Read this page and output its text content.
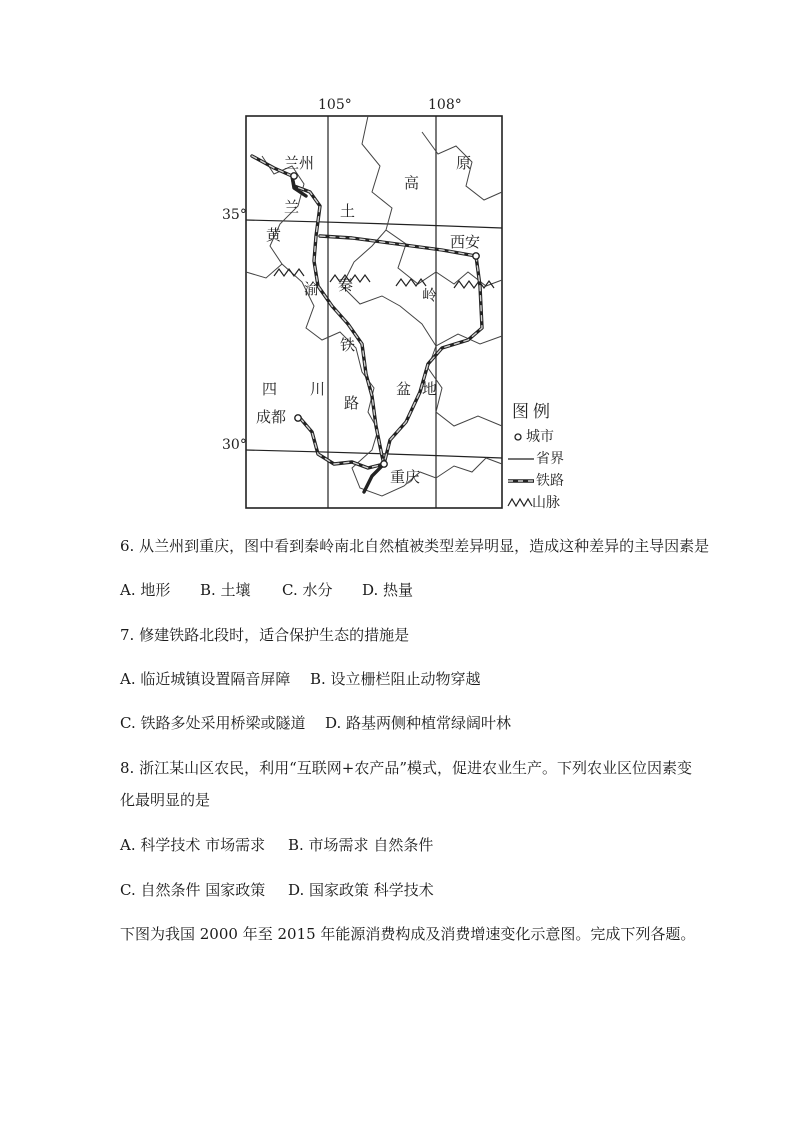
105°	108°
35°
30°
兰州
西安
成都
重庆
原
高
土
兰
黄
渝 秦
岭
铁
盆 地
路
四 川
图例
城市
省界
铁路
山脉
6. 从兰州到重庆，图中看到秦岭南北自然植被类型差异明显，造成这种差异的主导因素是
A. 地形 B. 土壤 C. 水分 D. 热量
7. 修建铁路北段时，适合保护生态的措施是
A. 临近城镇设置隔音屏障 B. 设立栅栏阻止动物穿越
C. 铁路多处采用桥梁或隧道 D. 路基两侧种植常绿阔叶林
8. 浙江某山区农民，利用“互联网+农产品”模式，促进农业生产。下列农业区位因素变
化最明显的是
A. 科学技术 市场需求 B. 市场需求 自然条件
C. 自然条件 国家政策 D. 国家政策 科学技术
下图为我国 2000 年至 2015 年能源消费构成及消费增速变化示意图。完成下列各题。
